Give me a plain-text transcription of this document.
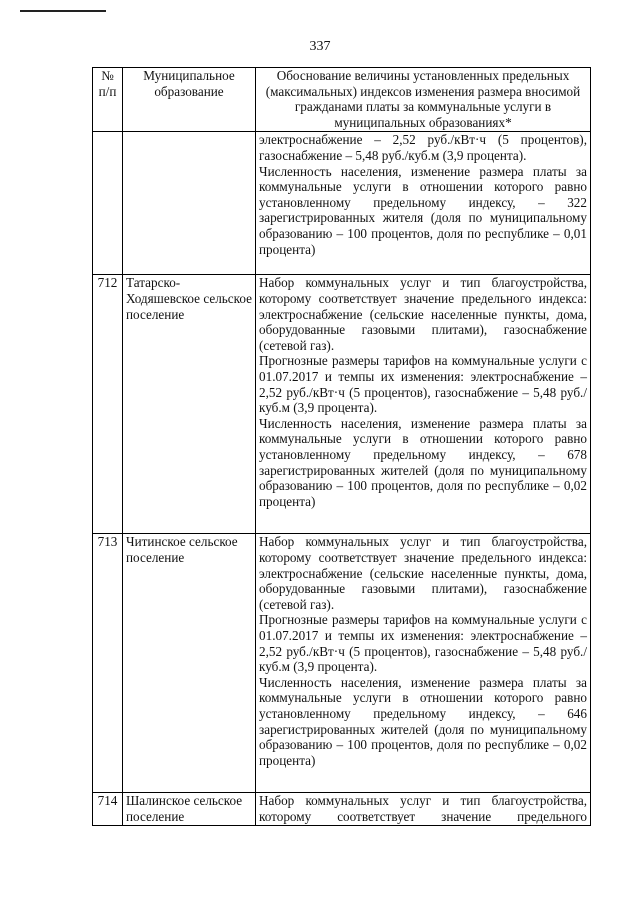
337
№ п/п	Муниципальное образование	Обоснование величины установленных предельных (максимальных) индексов изменения размера вносимой гражданами платы за коммунальные услуги в муниципальных образованиях*

		электроснабжение – 2,52 руб./кВт·ч (5 процентов), газоснабжение – 5,48 руб./куб.м (3,9 процента).

Численность населения, изменение размера платы за коммунальные услуги в отношении которого равно установленному предельному индексу, – 322 зарегистрированных жителя (доля по муниципальному образованию – 100 процентов, доля по республике – 0,01 процента)

712	Татарско-Ходяшевское сельское поселение	Набор коммунальных услуг и тип благоустройства, которому соответствует значение предельного индекса: электроснабжение (сельские населенные пункты, дома, оборудованные газовыми плитами), газоснабжение (сетевой газ).

Прогнозные размеры тарифов на коммунальные услуги с 01.07.2017 и темпы их изменения: электроснабжение – 2,52 руб./кВт·ч (5 процентов), газоснабжение – 5,48 руб./куб.м (3,9 процента).

Численность населения, изменение размера платы за коммунальные услуги в отношении которого равно установленному предельному индексу, – 678 зарегистрированных жителей (доля по муниципальному образованию – 100 процентов, доля по республике – 0,02 процента)

713	Читинское сельское поселение	Набор коммунальных услуг и тип благоустройства, которому соответствует значение предельного индекса: электроснабжение (сельские населенные пункты, дома, оборудованные газовыми плитами), газоснабжение (сетевой газ).

Прогнозные размеры тарифов на коммунальные услуги с 01.07.2017 и темпы их изменения: электроснабжение – 2,52 руб./кВт·ч (5 процентов), газоснабжение – 5,48 руб./куб.м (3,9 процента).

Численность населения, изменение размера платы за коммунальные услуги в отношении которого равно установленному предельному индексу, – 646 зарегистрированных жителей (доля по муниципальному образованию – 100 процентов, доля по республике – 0,02 процента)

714	Шалинское сельское поселение	Набор коммунальных услуг и тип благоустройства, которому соответствует значение предельного
